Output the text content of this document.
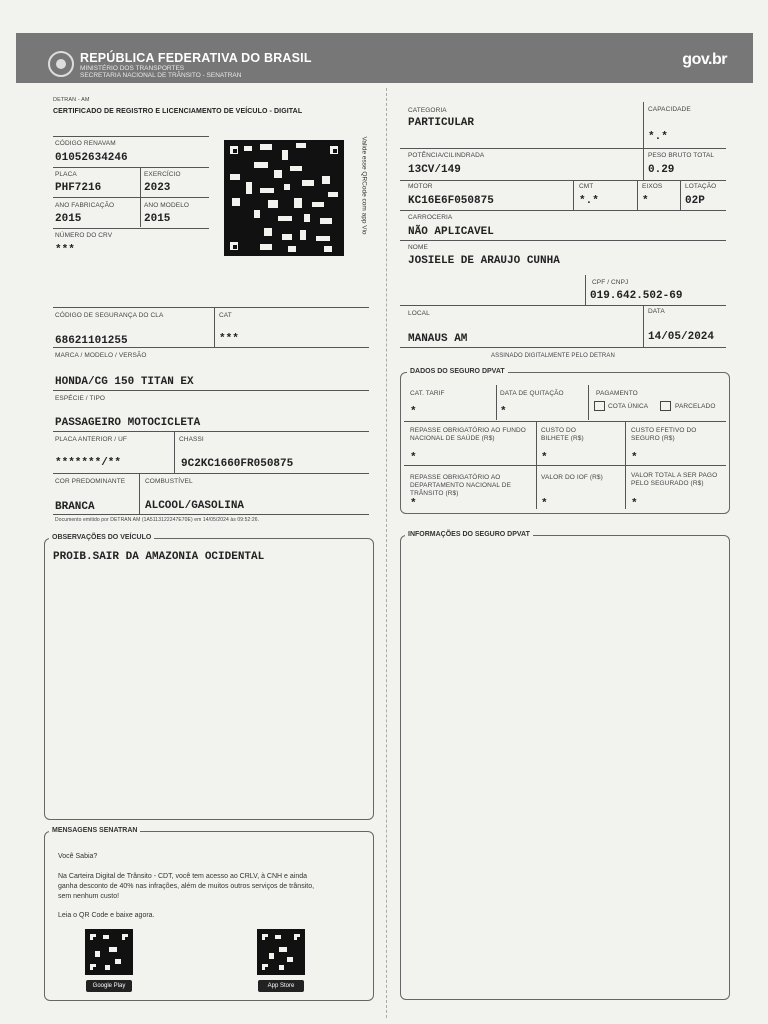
REPÚBLICA FEDERATIVA DO BRASIL
MINISTÉRIO DOS TRANSPORTES
SECRETARIA NACIONAL DE TRÂNSITO - SENATRAN
gov.br
DETRAN - AM
CERTIFICADO DE REGISTRO E LICENCIAMENTO DE VEÍCULO - DIGITAL
CÓDIGO RENAVAM
01052634246
PLACA
PHF7216
EXERCÍCIO
2023
ANO FABRICAÇÃO
2015
ANO MODELO
2015
NÚMERO DO CRV
***
Valide esse QRCode com app Vio
CÓDIGO DE SEGURANÇA DO CLA
68621101255
CAT
***
MARCA / MODELO / VERSÃO
HONDA/CG 150 TITAN EX
ESPÉCIE / TIPO
PASSAGEIRO MOTOCICLETA
PLACA ANTERIOR / UF
*******/**
CHASSI
9C2KC1660FR050875
COR PREDOMINANTE
BRANCA
COMBUSTÍVEL
ALCOOL/GASOLINA
Documento emitido por DETRAN AM (1A5113122247E70E) em 14/05/2024 às 09:52:26.
CATEGORIA
PARTICULAR
CAPACIDADE
*.*
POTÊNCIA/CILINDRADA
13CV/149
PESO BRUTO TOTAL
0.29
MOTOR
KC16E6F050875
CMT
*.*
EIXOS
*
LOTAÇÃO
02P
CARROCERIA
NÃO APLICAVEL
NOME
JOSIELE DE ARAUJO CUNHA
CPF / CNPJ
019.642.502-69
LOCAL
MANAUS AM
DATA
14/05/2024
ASSINADO DIGITALMENTE PELO DETRAN
DADOS DO SEGURO DPVAT
CAT. TARIF
*
DATA DE QUITAÇÃO
*
PAGAMENTO
COTA ÚNICA	PARCELADO
REPASSE OBRIGATÓRIO AO FUNDO NACIONAL DE SAÚDE (R$)
*
CUSTO DO BILHETE (R$)
*
CUSTO EFETIVO DO SEGURO (R$)
*
REPASSE OBRIGATÓRIO AO DEPARTAMENTO NACIONAL DE TRÂNSITO (R$)
*
VALOR DO IOF (R$)
*
VALOR TOTAL A SER PAGO PELO SEGURADO (R$)
*
OBSERVAÇÕES DO VEÍCULO
PROIB.SAIR DA AMAZONIA OCIDENTAL
INFORMAÇÕES DO SEGURO DPVAT
MENSAGENS SENATRAN
Você Sabia?
Na Carteira Digital de Trânsito - CDT, você tem acesso ao CRLV, à CNH e ainda ganha desconto de 40% nas infrações, além de muitos outros serviços de trânsito, sem nenhum custo!
Leia o QR Code e baixe agora.
Google Play	App Store
